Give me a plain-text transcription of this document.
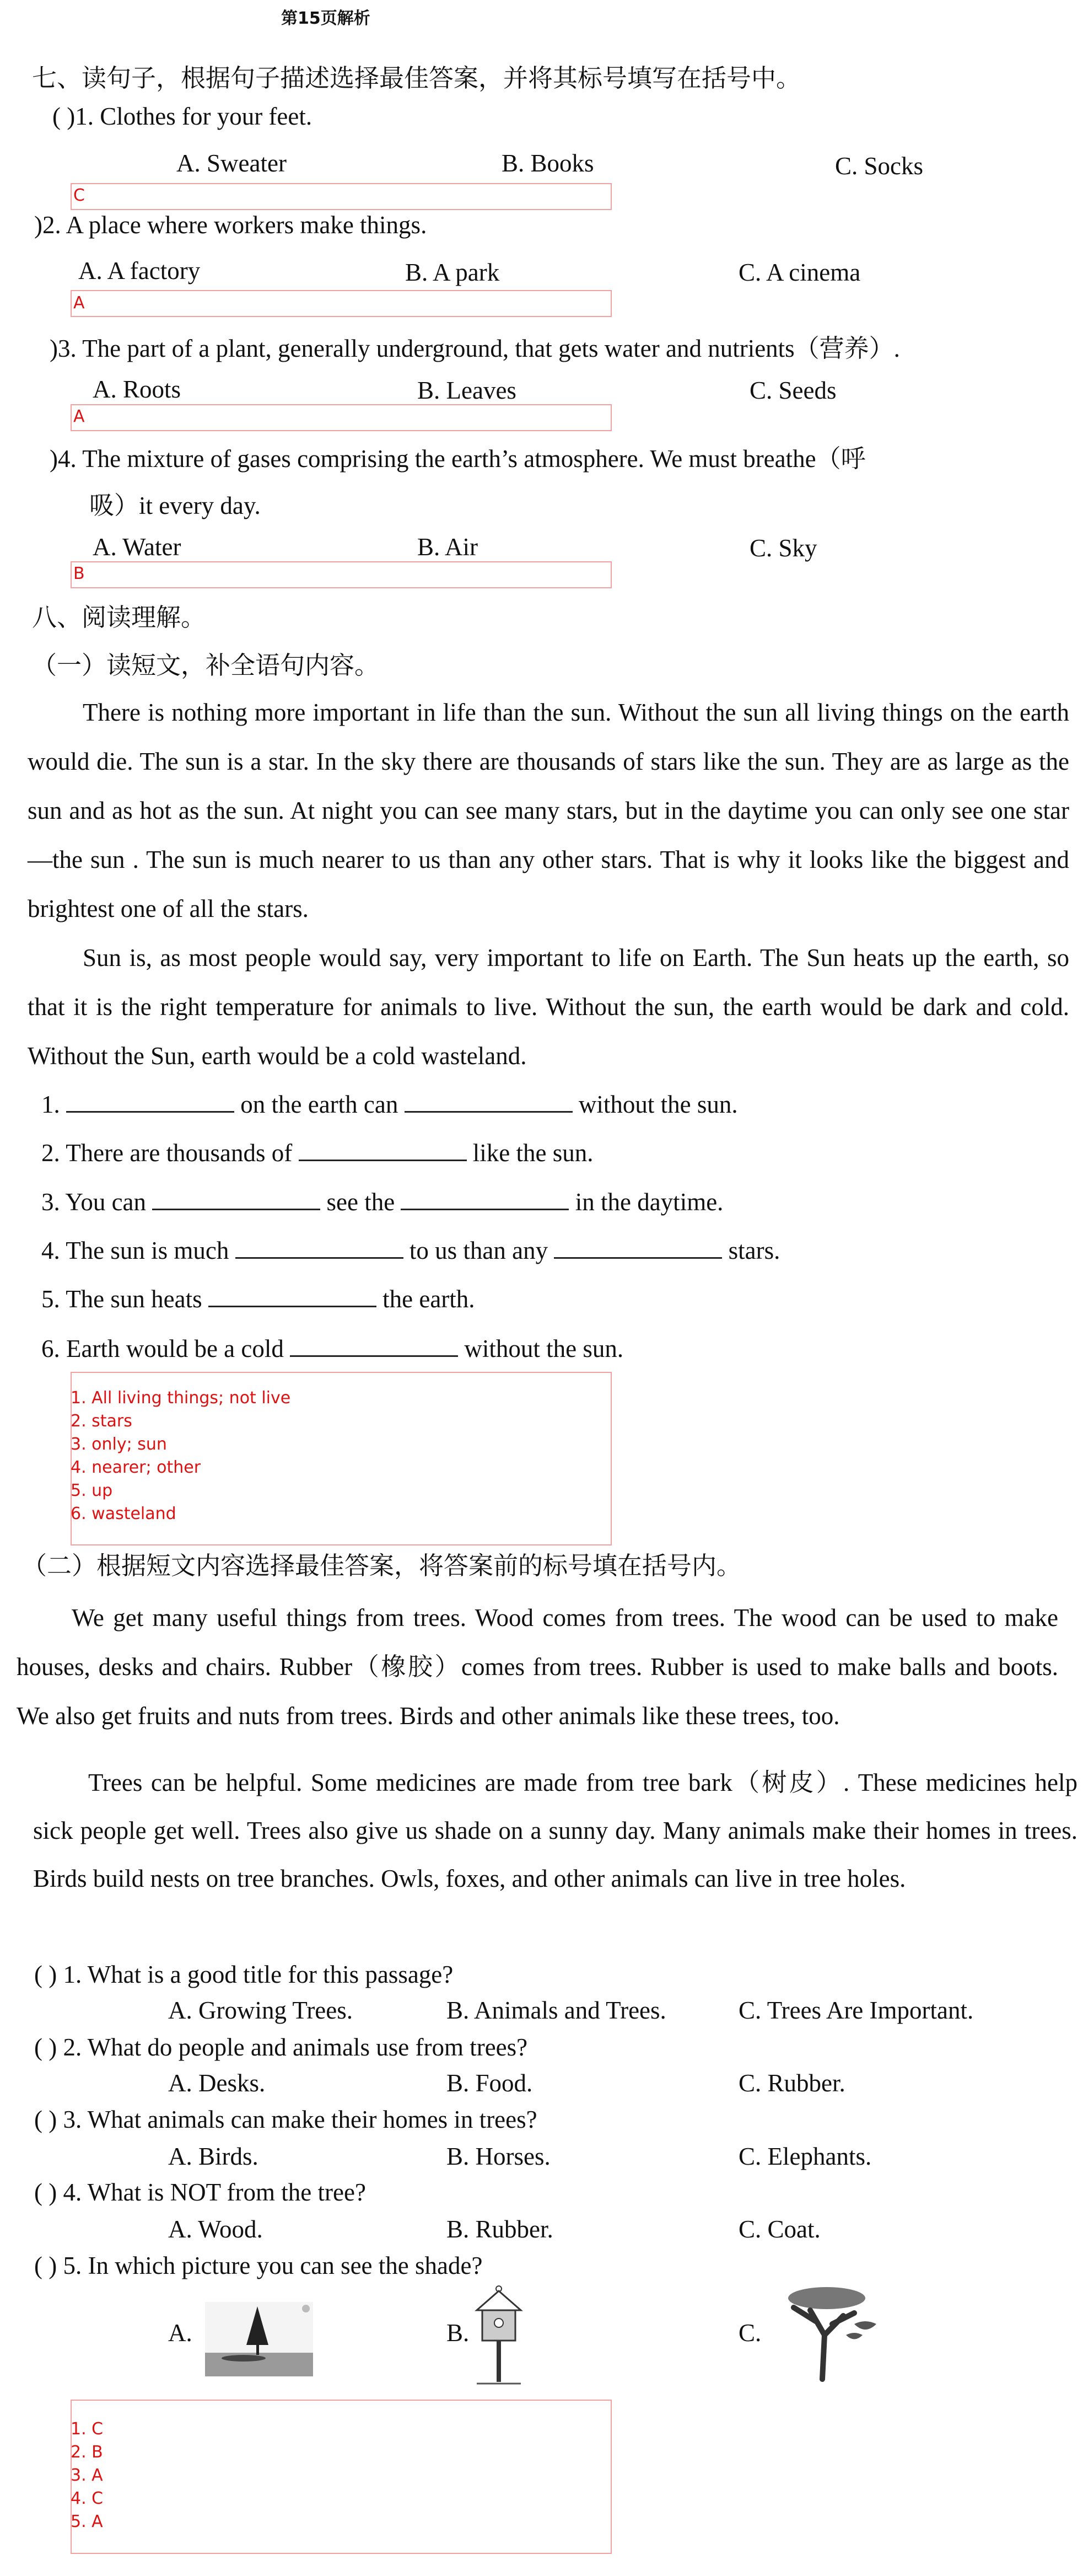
第15页解析
七、读句子，根据句子描述选择最佳答案，并将其标号填写在括号中。
( )1. Clothes for your feet.
A. Sweater	B. Books	C. Socks
C
)2. A place where workers make things.
A. A factory	B. A park	C. A cinema
A
)3. The part of a plant, generally underground, that gets water and nutrients（营养）.
A. Roots	B. Leaves	C. Seeds
A
)4. The mixture of gases comprising the earth’s atmosphere. We must breathe（呼
吸）it every day.
A. Water	B. Air	C. Sky
B
八、阅读理解。
（一）读短文，补全语句内容。

There is nothing more important in life than the sun. Without the sun all living things on the earth would die. The sun is a star. In the sky there are thousands of stars like the sun. They are as large as the sun and as hot as the sun. At night you can see many stars, but in the daytime you can only see one star—the sun . The sun is much nearer to us than any other stars. That is why it looks like the biggest and brightest one of all the stars.

Sun is, as most people would say, very important to life on Earth. The Sun heats up the earth, so that it is the right temperature for animals to live. Without the sun, the earth would be dark and cold. Without the Sun, earth would be a cold wasteland.

1.	on the earth can	without the sun.
2. There are thousands of	like the sun.
3. You can	see the	in the daytime.
4. The sun is much	to us than any	stars.
5. The sun heats	the earth.
6. Earth would be a cold	without the sun.
1. All living things; not live
2. stars
3. only; sun
4. nearer; other
5. up
6. wasteland
（二）根据短文内容选择最佳答案，将答案前的标号填在括号内。

We get many useful things from trees. Wood comes from trees. The wood can be used to make houses, desks and chairs. Rubber（橡胶）comes from trees. Rubber is used to make balls and boots. We also get fruits and nuts from trees. Birds and other animals like these trees, too.

Trees can be helpful. Some medicines are made from tree bark（树皮）. These medicines help sick people get well. Trees also give us shade on a sunny day. Many animals make their homes in trees. Birds build nests on tree branches. Owls, foxes, and other animals can live in tree holes.

( ) 1. What is a good title for this passage?
A. Growing Trees.	B. Animals and Trees.	C. Trees Are Important.
( ) 2. What do people and animals use from trees?
A. Desks.	B. Food.	C. Rubber.
( ) 3. What animals can make their homes in trees?
A. Birds.	B. Horses.	C. Elephants.
( ) 4. What is NOT from the tree?
A. Wood.	B. Rubber.	C. Coat.
( ) 5. In which picture you can see the shade?
A.	B.	C.
1. C
2. B
3. A
4. C
5. A
